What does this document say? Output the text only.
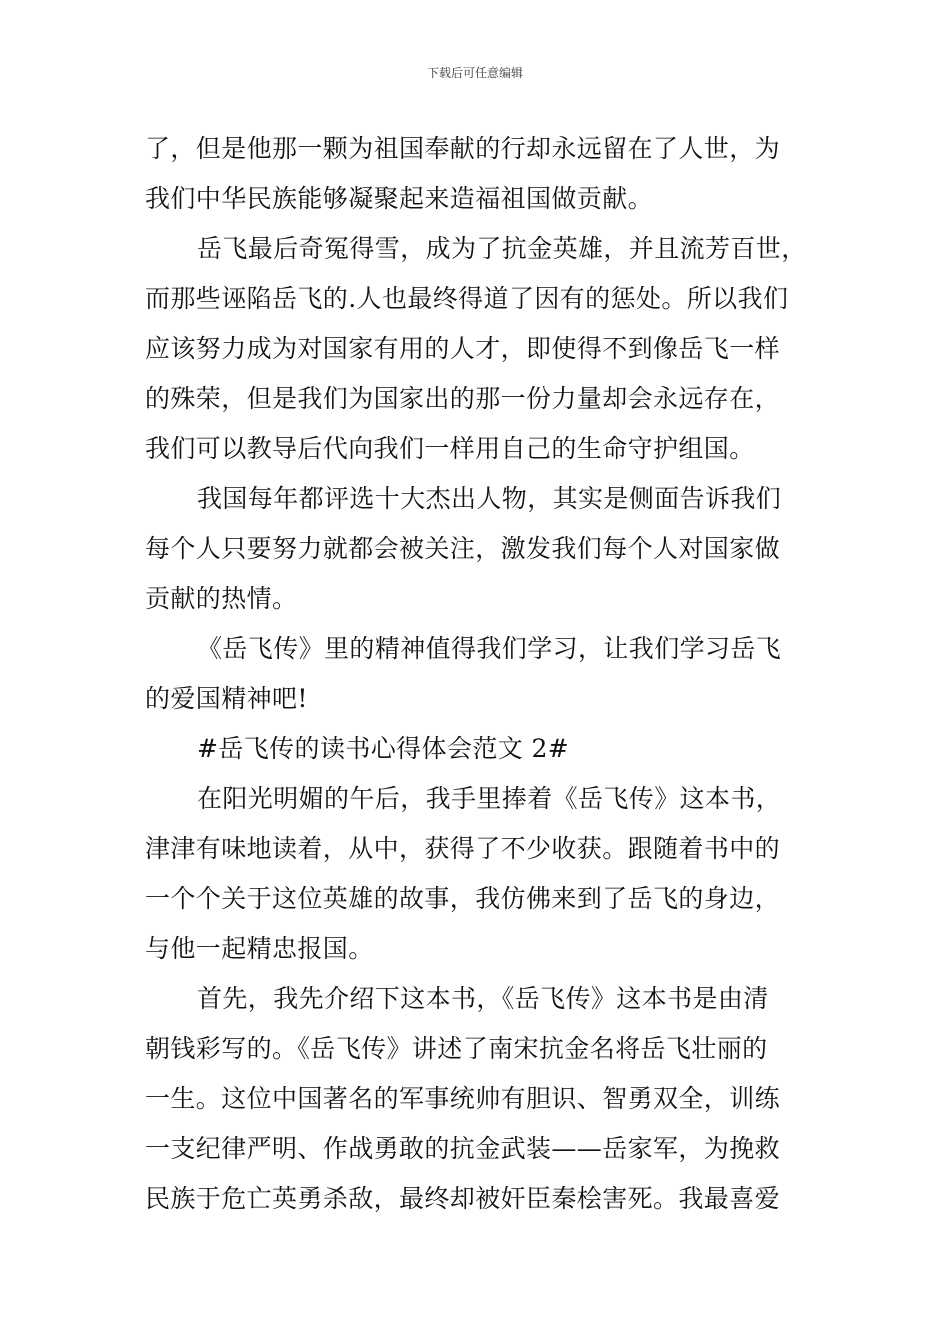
下载后可任意编辑
了，但是他那一颗为祖国奉献的行却永远留在了人世，为
我们中华民族能够凝聚起来造福祖国做贡献。
岳飞最后奇冤得雪，成为了抗金英雄，并且流芳百世，
而那些诬陷岳飞的.人也最终得道了因有的惩处。所以我们
应该努力成为对国家有用的人才，即使得不到像岳飞一样
的殊荣，但是我们为国家出的那一份力量却会永远存在，
我们可以教导后代向我们一样用自己的生命守护组国。
我国每年都评选十大杰出人物，其实是侧面告诉我们
每个人只要努力就都会被关注，激发我们每个人对国家做
贡献的热情。
《岳飞传》里的精神值得我们学习，让我们学习岳飞
的爱国精神吧!
#岳飞传的读书心得体会范文 2#
在阳光明媚的午后，我手里捧着《岳飞传》这本书，
津津有味地读着，从中，获得了不少收获。跟随着书中的
一个个关于这位英雄的故事，我仿佛来到了岳飞的身边，
与他一起精忠报国。
首先，我先介绍下这本书，《岳飞传》这本书是由清
朝钱彩写的。《岳飞传》讲述了南宋抗金名将岳飞壮丽的
一生。这位中国著名的军事统帅有胆识、智勇双全，训练
一支纪律严明、作战勇敢的抗金武装——岳家军，为挽救
民族于危亡英勇杀敌，最终却被奸臣秦桧害死。我最喜爱
